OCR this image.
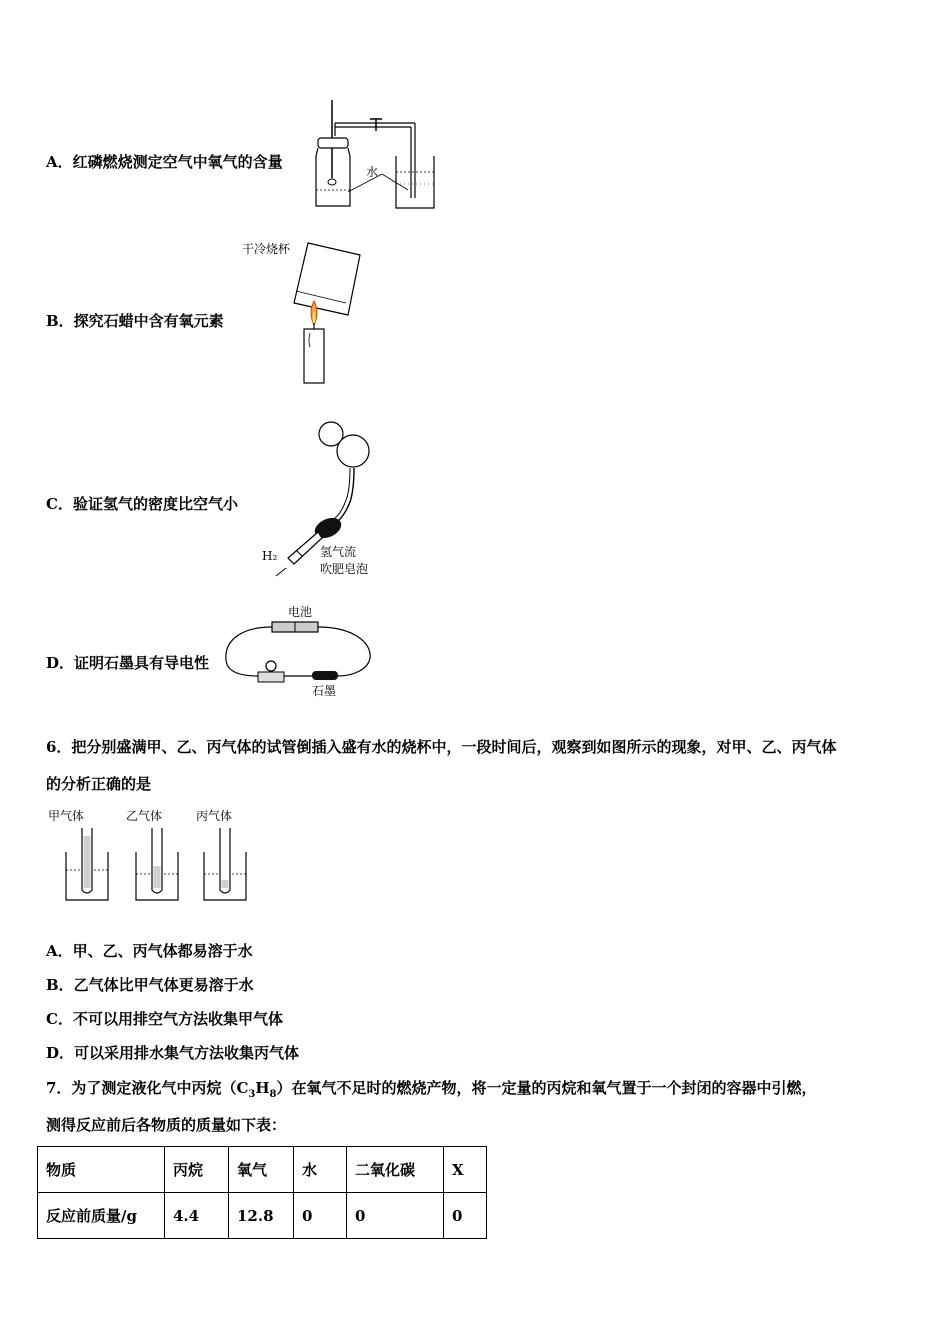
A．红磷燃烧测定空气中氧气的含量
水
B．探究石蜡中含有氧元素
干冷烧杯
C．验证氢气的密度比空气小
H₂	氢气流
吹肥皂泡
D．证明石墨具有导电性
电池
石墨
6．把分别盛满甲、乙、丙气体的试管倒插入盛有水的烧杯中，一段时间后，观察到如图所示的现象，对甲、乙、丙气体
的分析正确的是
甲气体	乙气体	丙气体
A．甲、乙、丙气体都易溶于水
B．乙气体比甲气体更易溶于水
C．不可以用排空气方法收集甲气体
D．可以采用排水集气方法收集丙气体
7．为了测定液化气中丙烷$(C_3H_8)$在氧气不足时的燃烧产物，将一定量的丙烷和氧气置于一个封闭的容器中引燃，
测得反应前后各物质的质量如下表：
物质	丙烷	氧气	水	二氧化碳	X
反应前质量/g	4.4	12.8	0	0	0
